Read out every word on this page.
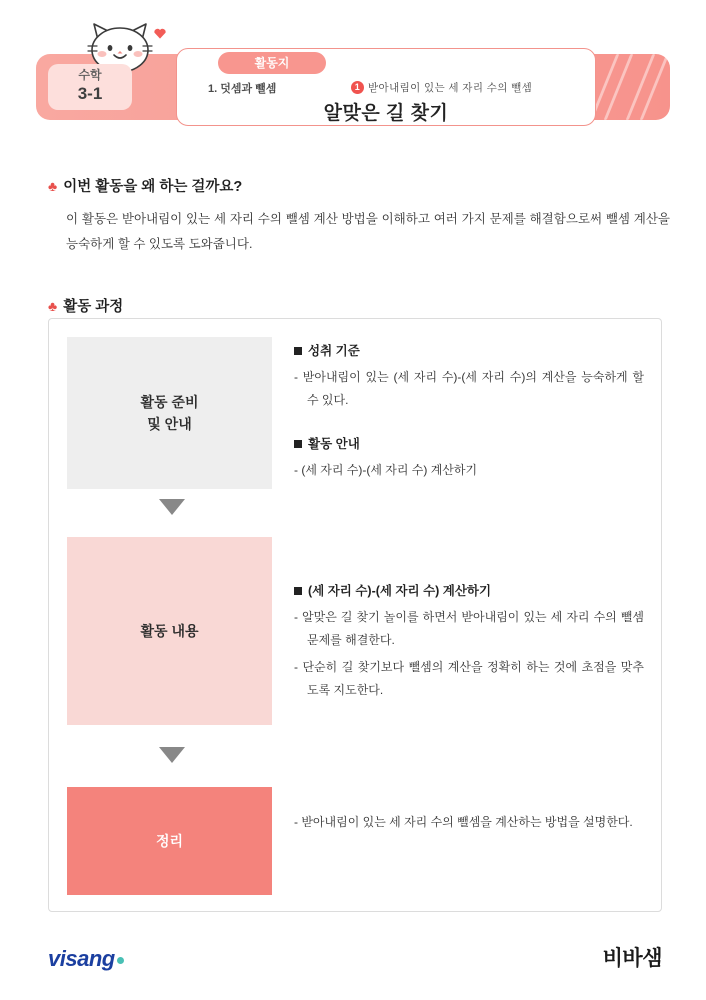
수학
3-1
활동지
1. 덧셈과 뺄셈	1 받아내림이 있는 세 자리 수의 뺄셈
알맞은 길 찾기
♣ 이번 활동을 왜 하는 걸까요?
이 활동은 받아내림이 있는 세 자리 수의 뺄셈 계산 방법을 이해하고 여러 가지 문제를 해결함으로써 뺄셈 계산을 능숙하게 할 수 있도록 도와줍니다.
♣ 활동 과정
활동 준비
및 안내
활동 내용
정리
성취 기준
- 받아내림이 있는 (세 자리 수)-(세 자리 수)의 계산을 능숙하게 할 수 있다.
활동 안내
- (세 자리 수)-(세 자리 수) 계산하기
(세 자리 수)-(세 자리 수) 계산하기
- 알맞은 길 찾기 놀이를 하면서 받아내림이 있는 세 자리 수의 뺄셈 문제를 해결한다.
- 단순히 길 찾기보다 뺄셈의 계산을 정확히 하는 것에 초점을 맞추도록 지도한다.
- 받아내림이 있는 세 자리 수의 뺄셈을 계산하는 방법을 설명한다.
visang	비바샘
